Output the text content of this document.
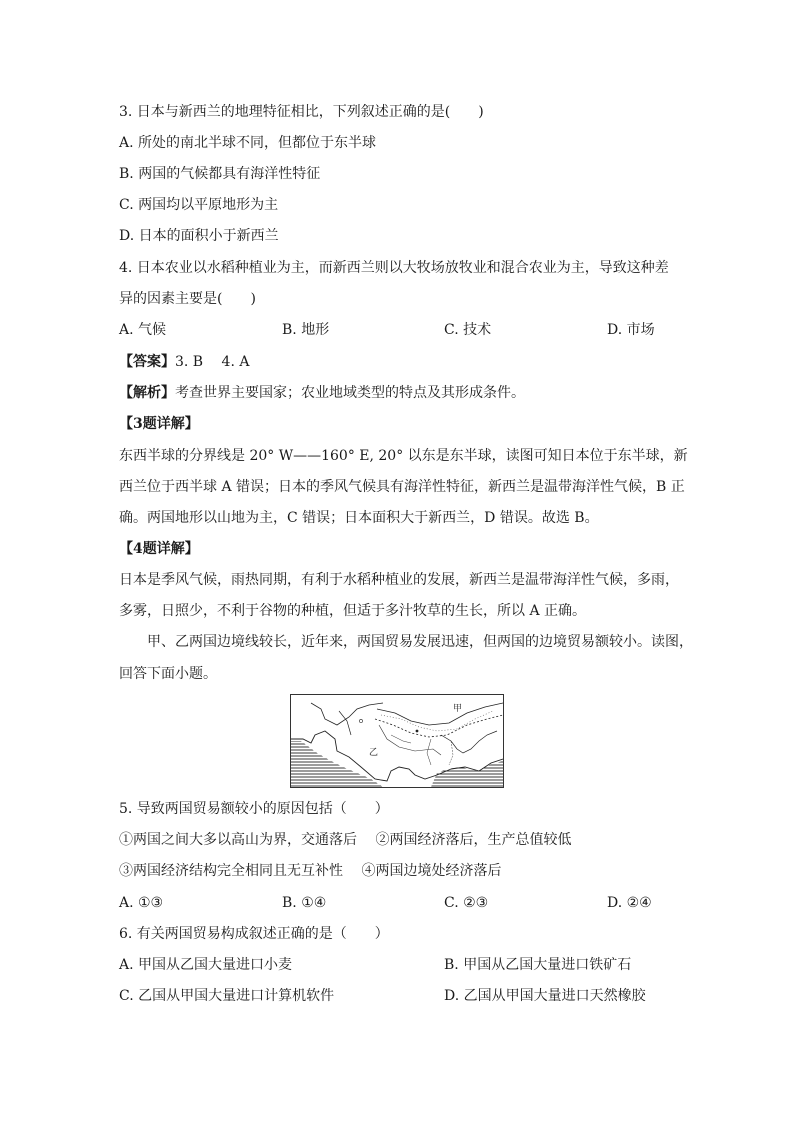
3. 日本与新西兰的地理特征相比，下列叙述正确的是(　　)
A. 所处的南北半球不同，但都位于东半球
B. 两国的气候都具有海洋性特征
C. 两国均以平原地形为主
D. 日本的面积小于新西兰
4. 日本农业以水稻种植业为主，而新西兰则以大牧场放牧业和混合农业为主，导致这种差
异的因素主要是(　　)
A. 气候	B. 地形	C. 技术	D. 市场
【答案】3. B　 4. A
【解析】考查世界主要国家；农业地域类型的特点及其形成条件。
【3题详解】
东西半球的分界线是 20° W——160° E, 20° 以东是东半球，读图可知日本位于东半球，新
西兰位于西半球 A 错误；日本的季风气候具有海洋性特征，新西兰是温带海洋性气候，B 正
确。两国地形以山地为主，C 错误；日本面积大于新西兰，D 错误。故选 B。
【4题详解】
日本是季风气候，雨热同期，有利于水稻种植业的发展，新西兰是温带海洋性气候，多雨，
多雾，日照少，不利于谷物的种植，但适于多汁牧草的生长，所以 A 正确。
　　甲、乙两国边境线较长，近年来，两国贸易发展迅速，但两国的边境贸易额较小。读图，
回答下面小题。
甲
乙
5. 导致两国贸易额较小的原因包括（　　）
①两国之间大多以高山为界，交通落后　 ②两国经济落后，生产总值较低
③两国经济结构完全相同且无互补性　 ④两国边境处经济落后
A. ①③	B. ①④	C. ②③	D. ②④
6. 有关两国贸易构成叙述正确的是（　　）
A. 甲国从乙国大量进口小麦	B. 甲国从乙国大量进口铁矿石
C. 乙国从甲国大量进口计算机软件	D. 乙国从甲国大量进口天然橡胶
